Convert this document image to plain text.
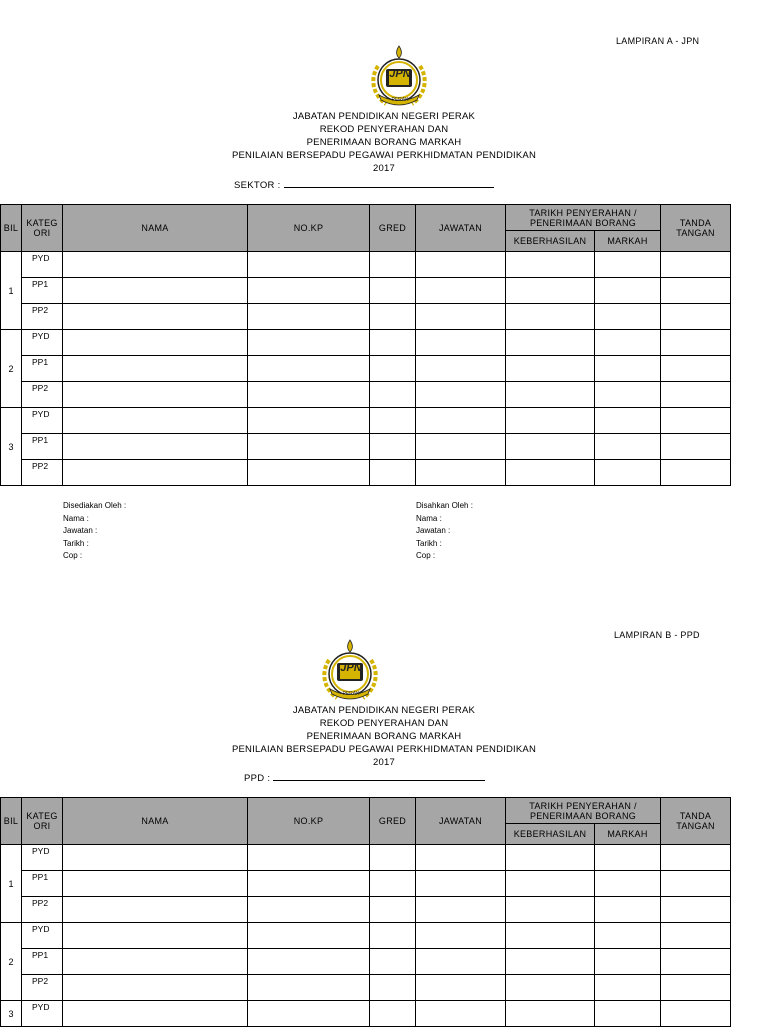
LAMPIRAN A - JPN
JPN
PERAK
JABATAN PENDIDIKAN NEGERI PERAK
REKOD PENYERAHAN DAN
PENERIMAAN BORANG MARKAH
PENILAIAN BERSEPADU PEGAWAI PERKHIDMATAN PENDIDIKAN
2017
SEKTOR :
BIL	KATEG ORI	NAMA	NO.KP	GRED	JAWATAN	TARIKH PENYERAHAN / PENERIMAAN BORANG		TANDA TANGAN
						KEBERHASILAN	MARKAH	
1	PYD							
	PP1							
	PP2							
2	PYD							
	PP1							
	PP2							
3	PYD							
	PP1							
	PP2							
Disediakan Oleh :
Nama :
Jawatan :
Tarikh :
Cop :
Disahkan Oleh :
Nama :
Jawatan :
Tarikh :
Cop :
LAMPIRAN B - PPD
JPN
PERAK
JABATAN PENDIDIKAN NEGERI PERAK
REKOD PENYERAHAN DAN
PENERIMAAN BORANG MARKAH
PENILAIAN BERSEPADU PEGAWAI PERKHIDMATAN PENDIDIKAN
2017
PPD :
BIL	KATEG ORI	NAMA	NO.KP	GRED	JAWATAN	TARIKH PENYERAHAN / PENERIMAAN BORANG		TANDA TANGAN
						KEBERHASILAN	MARKAH	
1	PYD							
	PP1							
	PP2							
2	PYD							
	PP1							
	PP2							
3	PYD							
